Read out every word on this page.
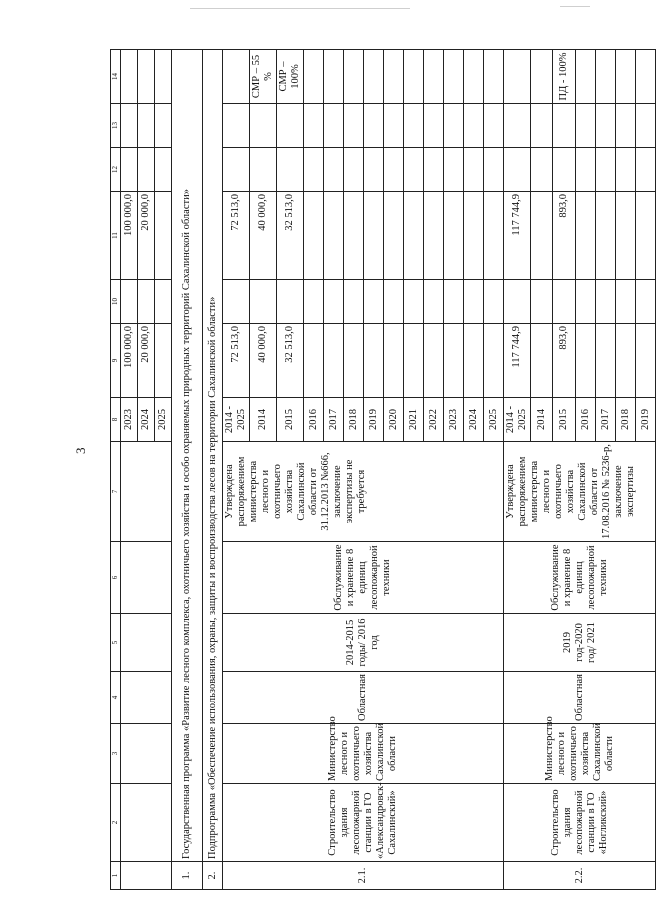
3
1	2	3	4	5	6	7	8	9	10	11	12	13	14
							2023	100 000,0		100 000,0			
							2024	20 000,0		20 000,0			
							2025						
1.	Государственная программа «Развитие лесного комплекса, охотничьего хозяйства и особо охраняемых природных территорий Сахалинской области»												
2.	Подпрограмма «Обеспечение использования, охраны, защиты и воспроизводства лесов на территории Сахалинской области»												
2.1.	Строительство здания лесопожарной станции в ГО «Александровск-Сахалинский»	Министерство лесного и охотничьего хозяйства Сахалинской области	Областная	2014-2015 годы/ 2016 год	Обслуживание и хранение 8 единиц лесопожарной техники	Утверждена распоряжением министерства лесного и охотничьего хозяйства Сахалинской области от 31.12.2013 №666, заключение экспертизы не требуется	2014 - 2025	72 513,0		72 513,0			
							2014	40 000,0		40 000,0			СМР – 55 %
							2015	32 513,0		32 513,0			СМР – 100%
							2016						
							2017						
							2018						
							2019						
							2020						
							2021						
							2022						
							2023						
							2024						
							2025						
2.2.	Строительство здания лесопожарной станции в ГО «Ногликский»	Министерство лесного и охотничьего хозяйства Сахалинской области	Областная	2019 год-2020 год/ 2021	Обслуживание и хранение 8 единиц лесопожарной техники	Утверждена распоряжением министерства лесного и охотничьего хозяйства Сахалинской области от 17.08.2016 № 5236-р, заключение экспертизы	2014 - 2025	117 744,9		117 744,9			
							2014						
							2015	893,0		893,0			ПД - 100%
							2016						
							2017						
							2018						
							2019						
